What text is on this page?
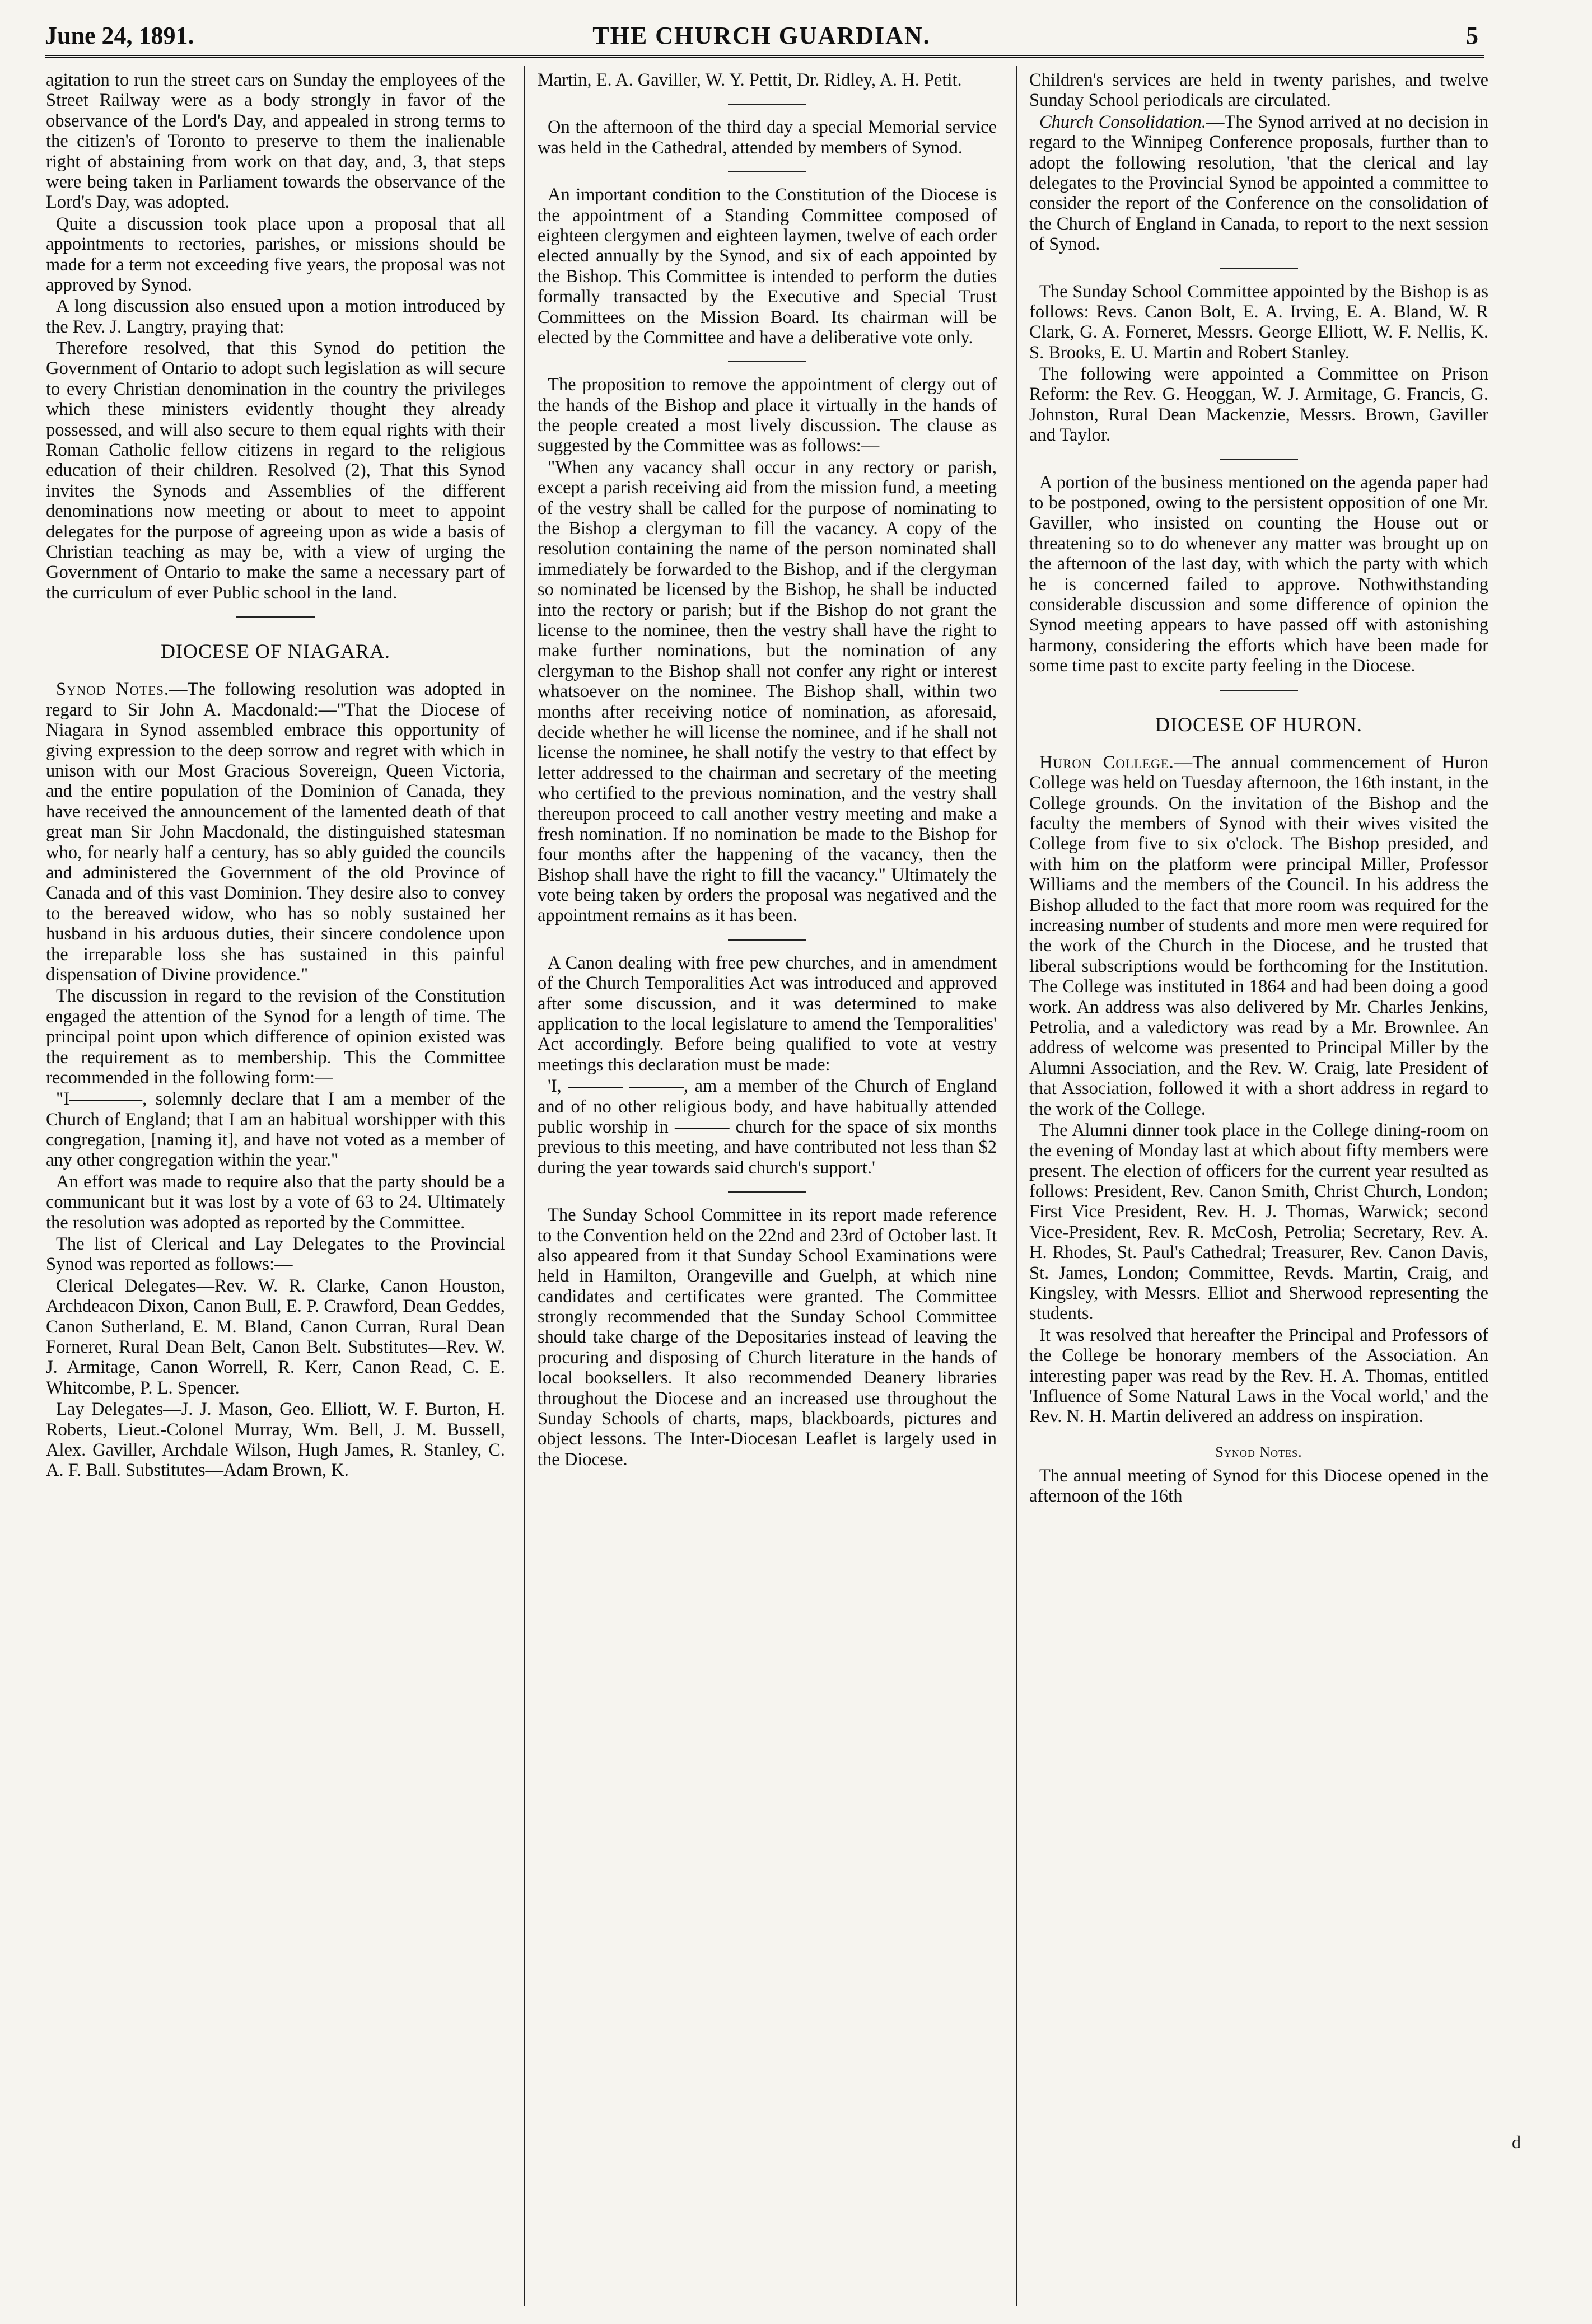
June 24, 1891.	THE CHURCH GUARDIAN.	5

agitation to run the street cars on Sunday the employees of the Street Railway were as a body strongly in favor of the observance of the Lord's Day, and appealed in strong terms to the citizen's of Toronto to preserve to them the inalienable right of abstaining from work on that day, and, 3, that steps were being taken in Parliament towards the observance of the Lord's Day, was adopted.

Quite a discussion took place upon a proposal that all appointments to rectories, parishes, or missions should be made for a term not exceeding five years, the proposal was not approved by Synod.

A long discussion also ensued upon a motion introduced by the Rev. J. Langtry, praying that:

Therefore resolved, that this Synod do petition the Government of Ontario to adopt such legislation as will secure to every Christian denomination in the country the privileges which these ministers evidently thought they already possessed, and will also secure to them equal rights with their Roman Catholic fellow citizens in regard to the religious education of their children. Resolved (2), That this Synod invites the Synods and Assemblies of the different denominations now meeting or about to meet to appoint delegates for the purpose of agreeing upon as wide a basis of Christian teaching as may be, with a view of urging the Government of Ontario to make the same a necessary part of the curriculum of ever Public school in the land.

DIOCESE OF NIAGARA.

Synod Notes.—The following resolution was adopted in regard to Sir John A. Macdonald:—"That the Diocese of Niagara in Synod assembled embrace this opportunity of giving expression to the deep sorrow and regret with which in unison with our Most Gracious Sovereign, Queen Victoria, and the entire population of the Dominion of Canada, they have received the announcement of the lamented death of that great man Sir John Macdonald, the distinguished statesman who, for nearly half a century, has so ably guided the councils and administered the Government of the old Province of Canada and of this vast Dominion. They desire also to convey to the bereaved widow, who has so nobly sustained her husband in his arduous duties, their sincere condolence upon the irreparable loss she has sustained in this painful dispensation of Divine providence."

The discussion in regard to the revision of the Constitution engaged the attention of the Synod for a length of time. The principal point upon which difference of opinion existed was the requirement as to membership. This the Committee recommended in the following form:—

"I————, solemnly declare that I am a member of the Church of England; that I am an habitual worshipper with this congregation, [naming it], and have not voted as a member of any other congregation within the year."

An effort was made to require also that the party should be a communicant but it was lost by a vote of 63 to 24. Ultimately the resolution was adopted as reported by the Committee.

The list of Clerical and Lay Delegates to the Provincial Synod was reported as follows:—

Clerical Delegates—Rev. W. R. Clarke, Canon Houston, Archdeacon Dixon, Canon Bull, E. P. Crawford, Dean Geddes, Canon Sutherland, E. M. Bland, Canon Curran, Rural Dean Forneret, Rural Dean Belt, Canon Belt. Substitutes—Rev. W. J. Armitage, Canon Worrell, R. Kerr, Canon Read, C. E. Whitcombe, P. L. Spencer.

Lay Delegates—J. J. Mason, Geo. Elliott, W. F. Burton, H. Roberts, Lieut.-Colonel Murray, Wm. Bell, J. M. Bussell, Alex. Gaviller, Archdale Wilson, Hugh James, R. Stanley, C. A. F. Ball. Substitutes—Adam Brown, K.

Martin, E. A. Gaviller, W. Y. Pettit, Dr. Ridley, A. H. Petit.

On the afternoon of the third day a special Memorial service was held in the Cathedral, attended by members of Synod.

An important condition to the Constitution of the Diocese is the appointment of a Standing Committee composed of eighteen clergymen and eighteen laymen, twelve of each order elected annually by the Synod, and six of each appointed by the Bishop. This Committee is intended to perform the duties formally transacted by the Executive and Special Trust Committees on the Mission Board. Its chairman will be elected by the Committee and have a deliberative vote only.

The proposition to remove the appointment of clergy out of the hands of the Bishop and place it virtually in the hands of the people created a most lively discussion. The clause as suggested by the Committee was as follows:—

"When any vacancy shall occur in any rectory or parish, except a parish receiving aid from the mission fund, a meeting of the vestry shall be called for the purpose of nominating to the Bishop a clergyman to fill the vacancy. A copy of the resolution containing the name of the person nominated shall immediately be forwarded to the Bishop, and if the clergyman so nominated be licensed by the Bishop, he shall be inducted into the rectory or parish; but if the Bishop do not grant the license to the nominee, then the vestry shall have the right to make further nominations, but the nomination of any clergyman to the Bishop shall not confer any right or interest whatsoever on the nominee. The Bishop shall, within two months after receiving notice of nomination, as aforesaid, decide whether he will license the nominee, and if he shall not license the nominee, he shall notify the vestry to that effect by letter addressed to the chairman and secretary of the meeting who certified to the previous nomination, and the vestry shall thereupon proceed to call another vestry meeting and make a fresh nomination. If no nomination be made to the Bishop for four months after the happening of the vacancy, then the Bishop shall have the right to fill the vacancy." Ultimately the vote being taken by orders the proposal was negatived and the appointment remains as it has been.

A Canon dealing with free pew churches, and in amendment of the Church Temporalities Act was introduced and approved after some discussion, and it was determined to make application to the local legislature to amend the Temporalities' Act accordingly. Before being qualified to vote at vestry meetings this declaration must be made:

'I, ——— ———, am a member of the Church of England and of no other religious body, and have habitually attended public worship in ——— church for the space of six months previous to this meeting, and have contributed not less than $2 during the year towards said church's support.'

The Sunday School Committee in its report made reference to the Convention held on the 22nd and 23rd of October last. It also appeared from it that Sunday School Examinations were held in Hamilton, Orangeville and Guelph, at which nine candidates and certificates were granted. The Committee strongly recommended that the Sunday School Committee should take charge of the Depositaries instead of leaving the procuring and disposing of Church literature in the hands of local booksellers. It also recommended Deanery libraries throughout the Diocese and an increased use throughout the Sunday Schools of charts, maps, blackboards, pictures and object lessons. The Inter-Diocesan Leaflet is largely used in the Diocese.

Children's services are held in twenty parishes, and twelve Sunday School periodicals are circulated.

Church Consolidation.—The Synod arrived at no decision in regard to the Winnipeg Conference proposals, further than to adopt the following resolution, 'that the clerical and lay delegates to the Provincial Synod be appointed a committee to consider the report of the Conference on the consolidation of the Church of England in Canada, to report to the next session of Synod.

The Sunday School Committee appointed by the Bishop is as follows: Revs. Canon Bolt, E. A. Irving, E. A. Bland, W. R Clark, G. A. Forneret, Messrs. George Elliott, W. F. Nellis, K. S. Brooks, E. U. Martin and Robert Stanley.

The following were appointed a Committee on Prison Reform: the Rev. G. Heoggan, W. J. Armitage, G. Francis, G. Johnston, Rural Dean Mackenzie, Messrs. Brown, Gaviller and Taylor.

A portion of the business mentioned on the agenda paper had to be postponed, owing to the persistent opposition of one Mr. Gaviller, who insisted on counting the House out or threatening so to do whenever any matter was brought up on the afternoon of the last day, with which the party with which he is concerned failed to approve. Nothwithstanding considerable discussion and some difference of opinion the Synod meeting appears to have passed off with astonishing harmony, considering the efforts which have been made for some time past to excite party feeling in the Diocese.

DIOCESE OF HURON.

Huron College.—The annual commencement of Huron College was held on Tuesday afternoon, the 16th instant, in the College grounds. On the invitation of the Bishop and the faculty the members of Synod with their wives visited the College from five to six o'clock. The Bishop presided, and with him on the platform were principal Miller, Professor Williams and the members of the Council. In his address the Bishop alluded to the fact that more room was required for the increasing number of students and more men were required for the work of the Church in the Diocese, and he trusted that liberal subscriptions would be forthcoming for the Institution. The College was instituted in 1864 and had been doing a good work. An address was also delivered by Mr. Charles Jenkins, Petrolia, and a valedictory was read by a Mr. Brownlee. An address of welcome was presented to Principal Miller by the Alumni Association, and the Rev. W. Craig, late President of that Association, followed it with a short address in regard to the work of the College.

The Alumni dinner took place in the College dining-room on the evening of Monday last at which about fifty members were present. The election of officers for the current year resulted as follows: President, Rev. Canon Smith, Christ Church, London; First Vice President, Rev. H. J. Thomas, Warwick; second Vice-President, Rev. R. McCosh, Petrolia; Secretary, Rev. A. H. Rhodes, St. Paul's Cathedral; Treasurer, Rev. Canon Davis, St. James, London; Committee, Revds. Martin, Craig, and Kingsley, with Messrs. Elliot and Sherwood representing the students.

It was resolved that hereafter the Principal and Professors of the College be honorary members of the Association. An interesting paper was read by the Rev. H. A. Thomas, entitled 'Influence of Some Natural Laws in the Vocal world,' and the Rev. N. H. Martin delivered an address on inspiration.

Synod Notes.

The annual meeting of Synod for this Diocese opened in the afternoon of the 16th

d
